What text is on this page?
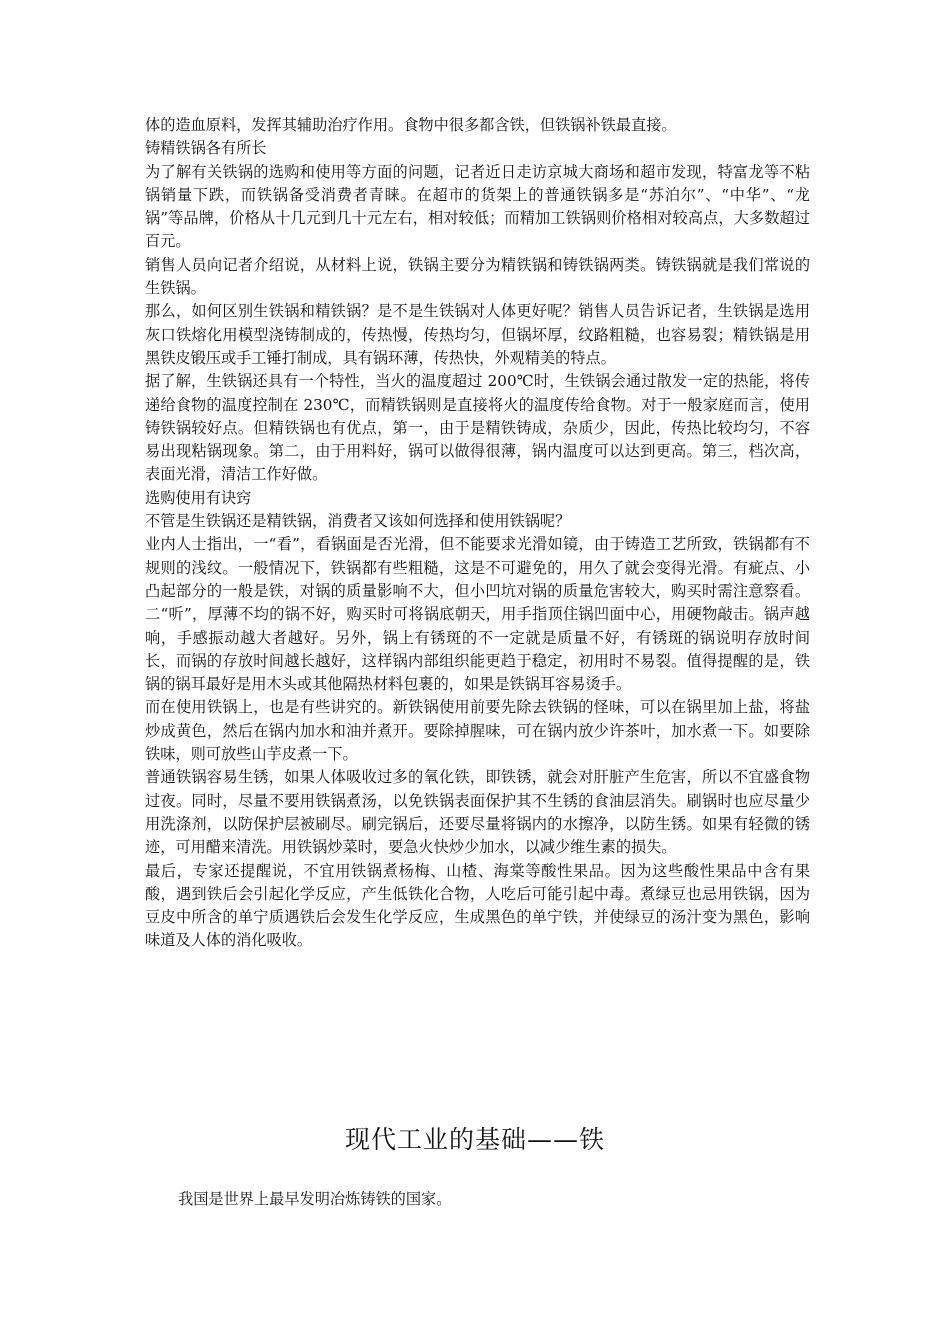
体的造血原料，发挥其辅助治疗作用。食物中很多都含铁，但铁锅补铁最直接。

铸精铁锅各有所长

为了解有关铁锅的选购和使用等方面的问题，记者近日走访京城大商场和超市发现，特富龙等不粘锅销量下跌，而铁锅备受消费者青睐。在超市的货架上的普通铁锅多是“苏泊尔”、“中华”、“龙锅”等品牌，价格从十几元到几十元左右，相对较低；而精加工铁锅则价格相对较高点，大多数超过百元。

销售人员向记者介绍说，从材料上说，铁锅主要分为精铁锅和铸铁锅两类。铸铁锅就是我们常说的生铁锅。

那么，如何区别生铁锅和精铁锅？是不是生铁锅对人体更好呢？销售人员告诉记者，生铁锅是选用灰口铁熔化用模型浇铸制成的，传热慢，传热均匀，但锅坏厚，纹路粗糙，也容易裂；精铁锅是用黑铁皮锻压或手工锤打制成，具有锅环薄，传热快，外观精美的特点。

据了解，生铁锅还具有一个特性，当火的温度超过 200℃时，生铁锅会通过散发一定的热能，将传递给食物的温度控制在 230℃，而精铁锅则是直接将火的温度传给食物。对于一般家庭而言，使用铸铁锅较好点。但精铁锅也有优点，第一，由于是精铁铸成，杂质少，因此，传热比较均匀，不容易出现粘锅现象。第二，由于用料好，锅可以做得很薄，锅内温度可以达到更高。第三，档次高，表面光滑，清洁工作好做。

选购使用有诀窍

不管是生铁锅还是精铁锅，消费者又该如何选择和使用铁锅呢？

业内人士指出，一“看”，看锅面是否光滑，但不能要求光滑如镜，由于铸造工艺所致，铁锅都有不规则的浅纹。一般情况下，铁锅都有些粗糙，这是不可避免的，用久了就会变得光滑。有疵点、小凸起部分的一般是铁，对锅的质量影响不大，但小凹坑对锅的质量危害较大，购买时需注意察看。二“听”，厚薄不均的锅不好，购买时可将锅底朝天，用手指顶住锅凹面中心，用硬物敲击。锅声越响，手感振动越大者越好。另外，锅上有锈斑的不一定就是质量不好，有锈斑的锅说明存放时间长，而锅的存放时间越长越好，这样锅内部组织能更趋于稳定，初用时不易裂。值得提醒的是，铁锅的锅耳最好是用木头或其他隔热材料包裹的，如果是铁锅耳容易烫手。

而在使用铁锅上，也是有些讲究的。新铁锅使用前要先除去铁锅的怪味，可以在锅里加上盐，将盐炒成黄色，然后在锅内加水和油并煮开。要除掉腥味，可在锅内放少许茶叶，加水煮一下。如要除铁味，则可放些山芋皮煮一下。

普通铁锅容易生锈，如果人体吸收过多的氧化铁，即铁锈，就会对肝脏产生危害，所以不宜盛食物过夜。同时，尽量不要用铁锅煮汤，以免铁锅表面保护其不生锈的食油层消失。刷锅时也应尽量少用洗涤剂，以防保护层被刷尽。刷完锅后，还要尽量将锅内的水擦净，以防生锈。如果有轻微的锈迹，可用醋来清洗。用铁锅炒菜时，要急火快炒少加水，以减少维生素的损失。

最后，专家还提醒说，不宜用铁锅煮杨梅、山楂、海棠等酸性果品。因为这些酸性果品中含有果酸，遇到铁后会引起化学反应，产生低铁化合物，人吃后可能引起中毒。煮绿豆也忌用铁锅，因为豆皮中所含的单宁质遇铁后会发生化学反应，生成黑色的单宁铁，并使绿豆的汤汁变为黑色，影响味道及人体的消化吸收。

现代工业的基础——铁

我国是世界上最早发明冶炼铸铁的国家。
